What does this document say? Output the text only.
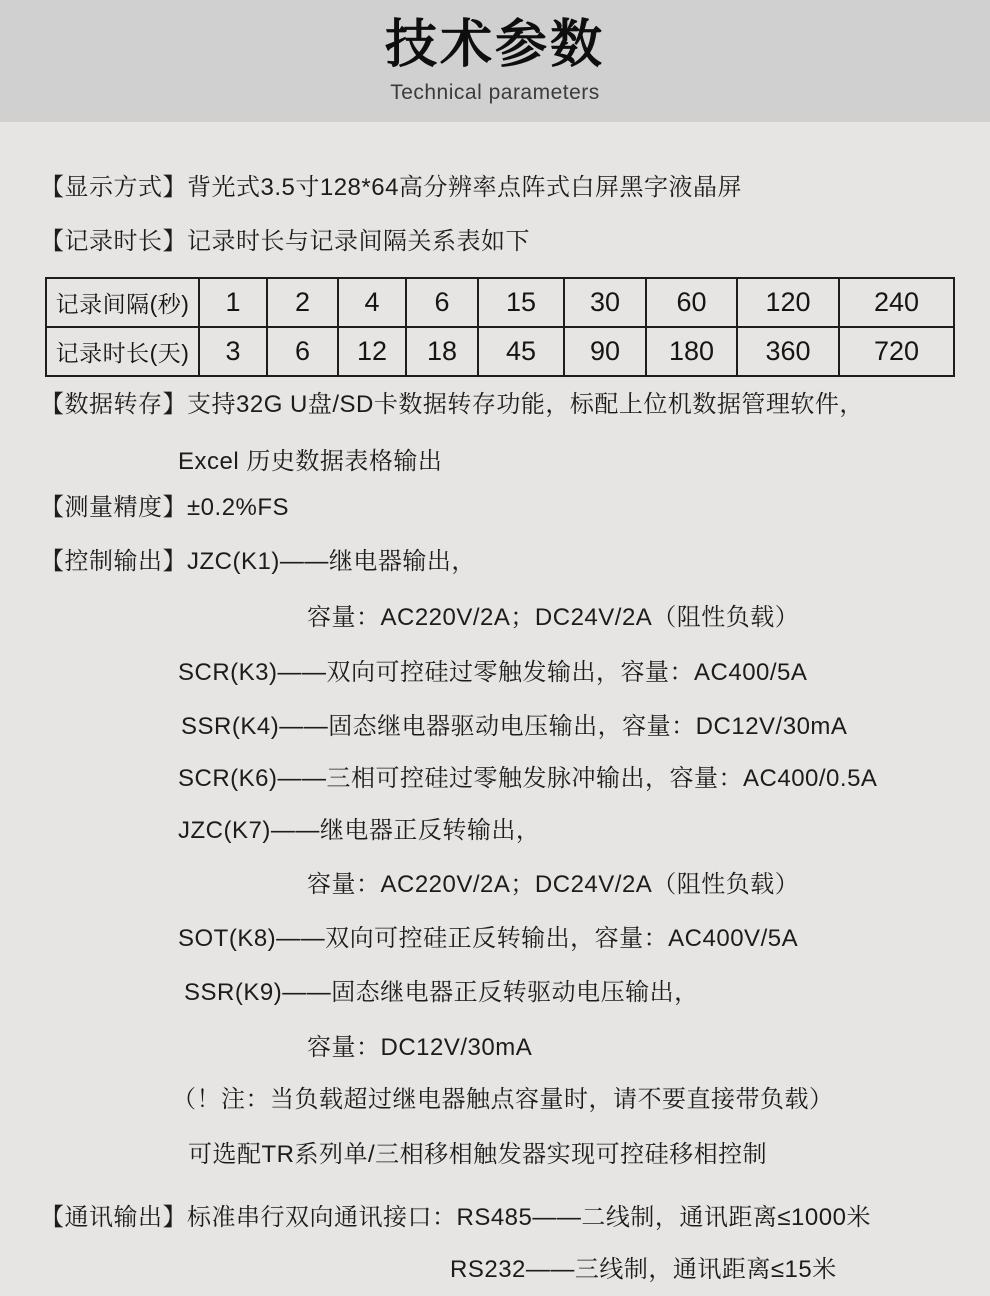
技术参数
Technical parameters
【显示方式】背光式3.5寸128*64高分辨率点阵式白屏黑字液晶屏
【记录时长】记录时长与记录间隔关系表如下
记录间隔(秒)	1	2	4	6	15	30	60	120	240
记录时长(天)	3	6	12	18	45	90	180	360	720
【数据转存】支持32G U盘/SD卡数据转存功能，标配上位机数据管理软件，
Excel 历史数据表格输出
【测量精度】±0.2%FS
【控制输出】JZC(K1)——继电器输出，
容量：AC220V/2A；DC24V/2A（阻性负载）
SCR(K3)——双向可控硅过零触发输出，容量：AC400/5A
SSR(K4)——固态继电器驱动电压输出，容量：DC12V/30mA
SCR(K6)——三相可控硅过零触发脉冲输出，容量：AC400/0.5A
JZC(K7)——继电器正反转输出，
容量：AC220V/2A；DC24V/2A（阻性负载）
SOT(K8)——双向可控硅正反转输出，容量：AC400V/5A
SSR(K9)——固态继电器正反转驱动电压输出，
容量：DC12V/30mA
（！注：当负载超过继电器触点容量时，请不要直接带负载）
可选配TR系列单/三相移相触发器实现可控硅移相控制
【通讯输出】标准串行双向通讯接口：RS485——二线制，通讯距离≤1000米
RS232——三线制，通讯距离≤15米
